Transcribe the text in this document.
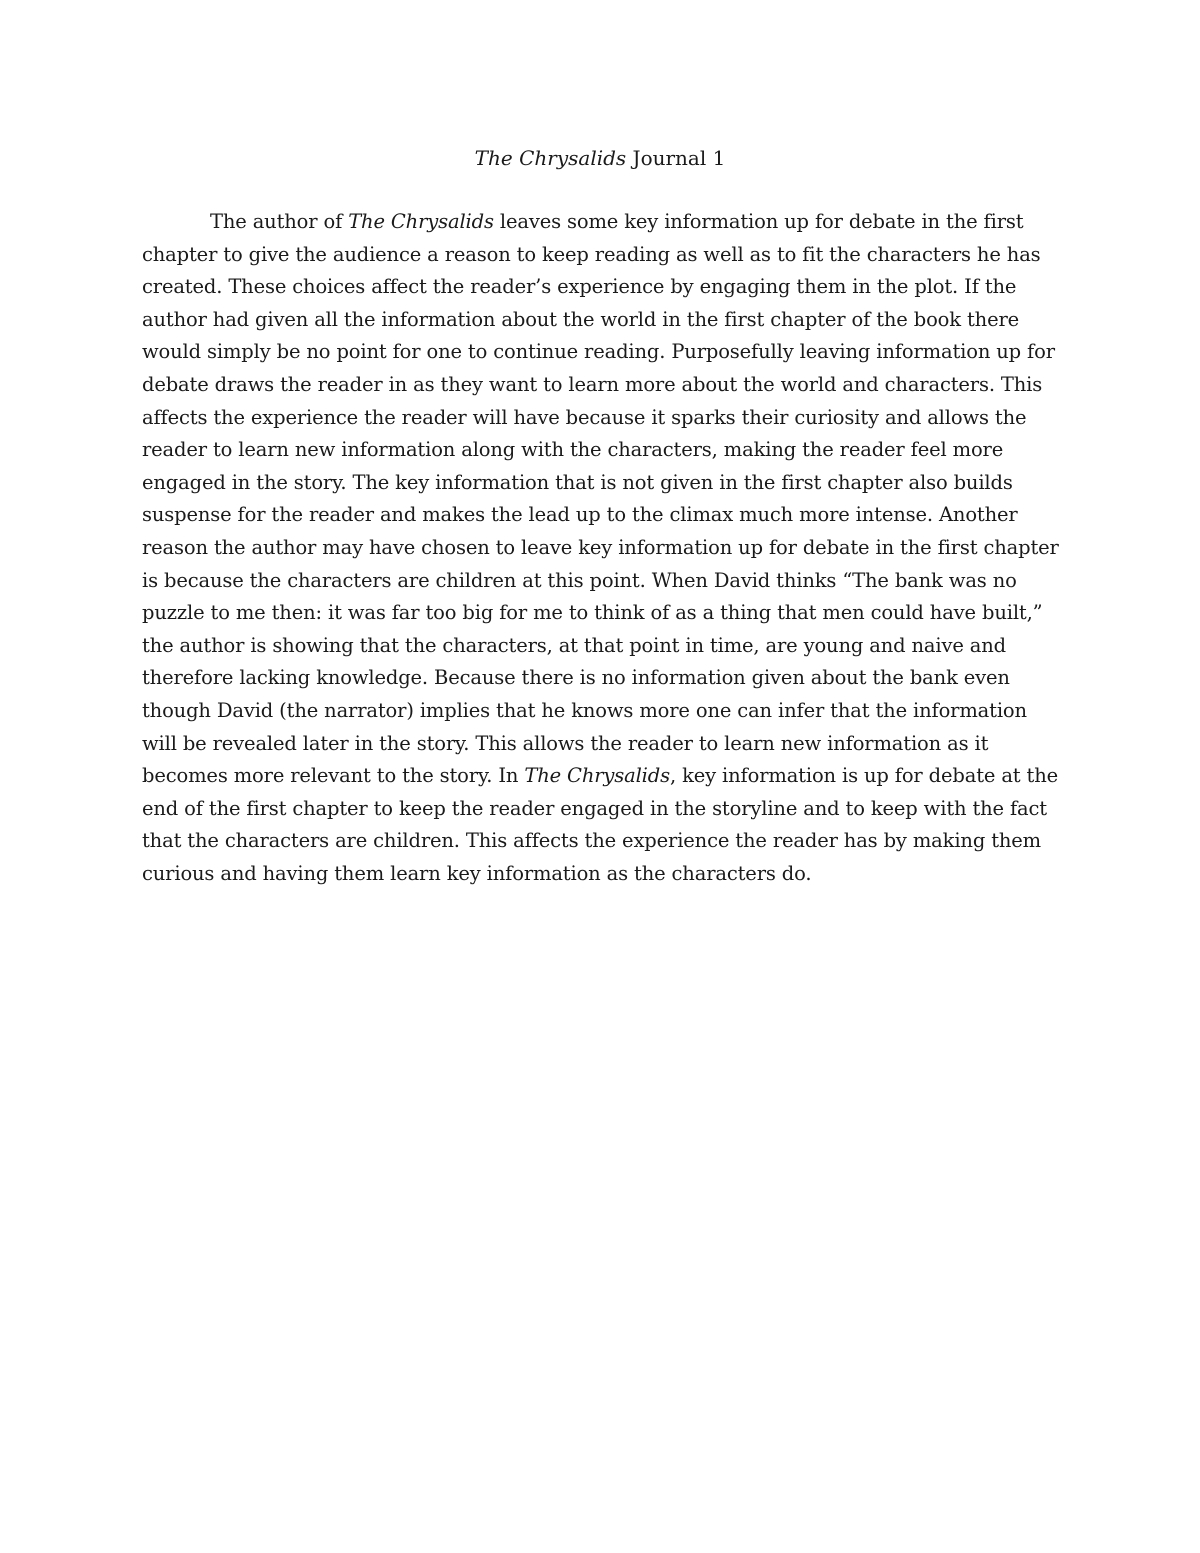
The Chrysalids Journal 1

The author of The Chrysalids leaves some key information up for debate in the first chapter to give the audience a reason to keep reading as well as to fit the characters he has created. These choices affect the reader’s experience by engaging them in the plot. If the author had given all the information about the world in the first chapter of the book there would simply be no point for one to continue reading. Purposefully leaving information up for debate draws the reader in as they want to learn more about the world and characters. This affects the experience the reader will have because it sparks their curiosity and allows the reader to learn new information along with the characters, making the reader feel more engaged in the story. The key information that is not given in the first chapter also builds suspense for the reader and makes the lead up to the climax much more intense. Another reason the author may have chosen to leave key information up for debate in the first chapter is because the characters are children at this point. When David thinks “The bank was no puzzle to me then: it was far too big for me to think of as a thing that men could have built,” the author is showing that the characters, at that point in time, are young and naive and therefore lacking knowledge. Because there is no information given about the bank even though David (the narrator) implies that he knows more one can infer that the information will be revealed later in the story. This allows the reader to learn new information as it becomes more relevant to the story. In The Chrysalids, key information is up for debate at the end of the first chapter to keep the reader engaged in the storyline and to keep with the fact that the characters are children. This affects the experience the reader has by making them curious and having them learn key information as the characters do.
